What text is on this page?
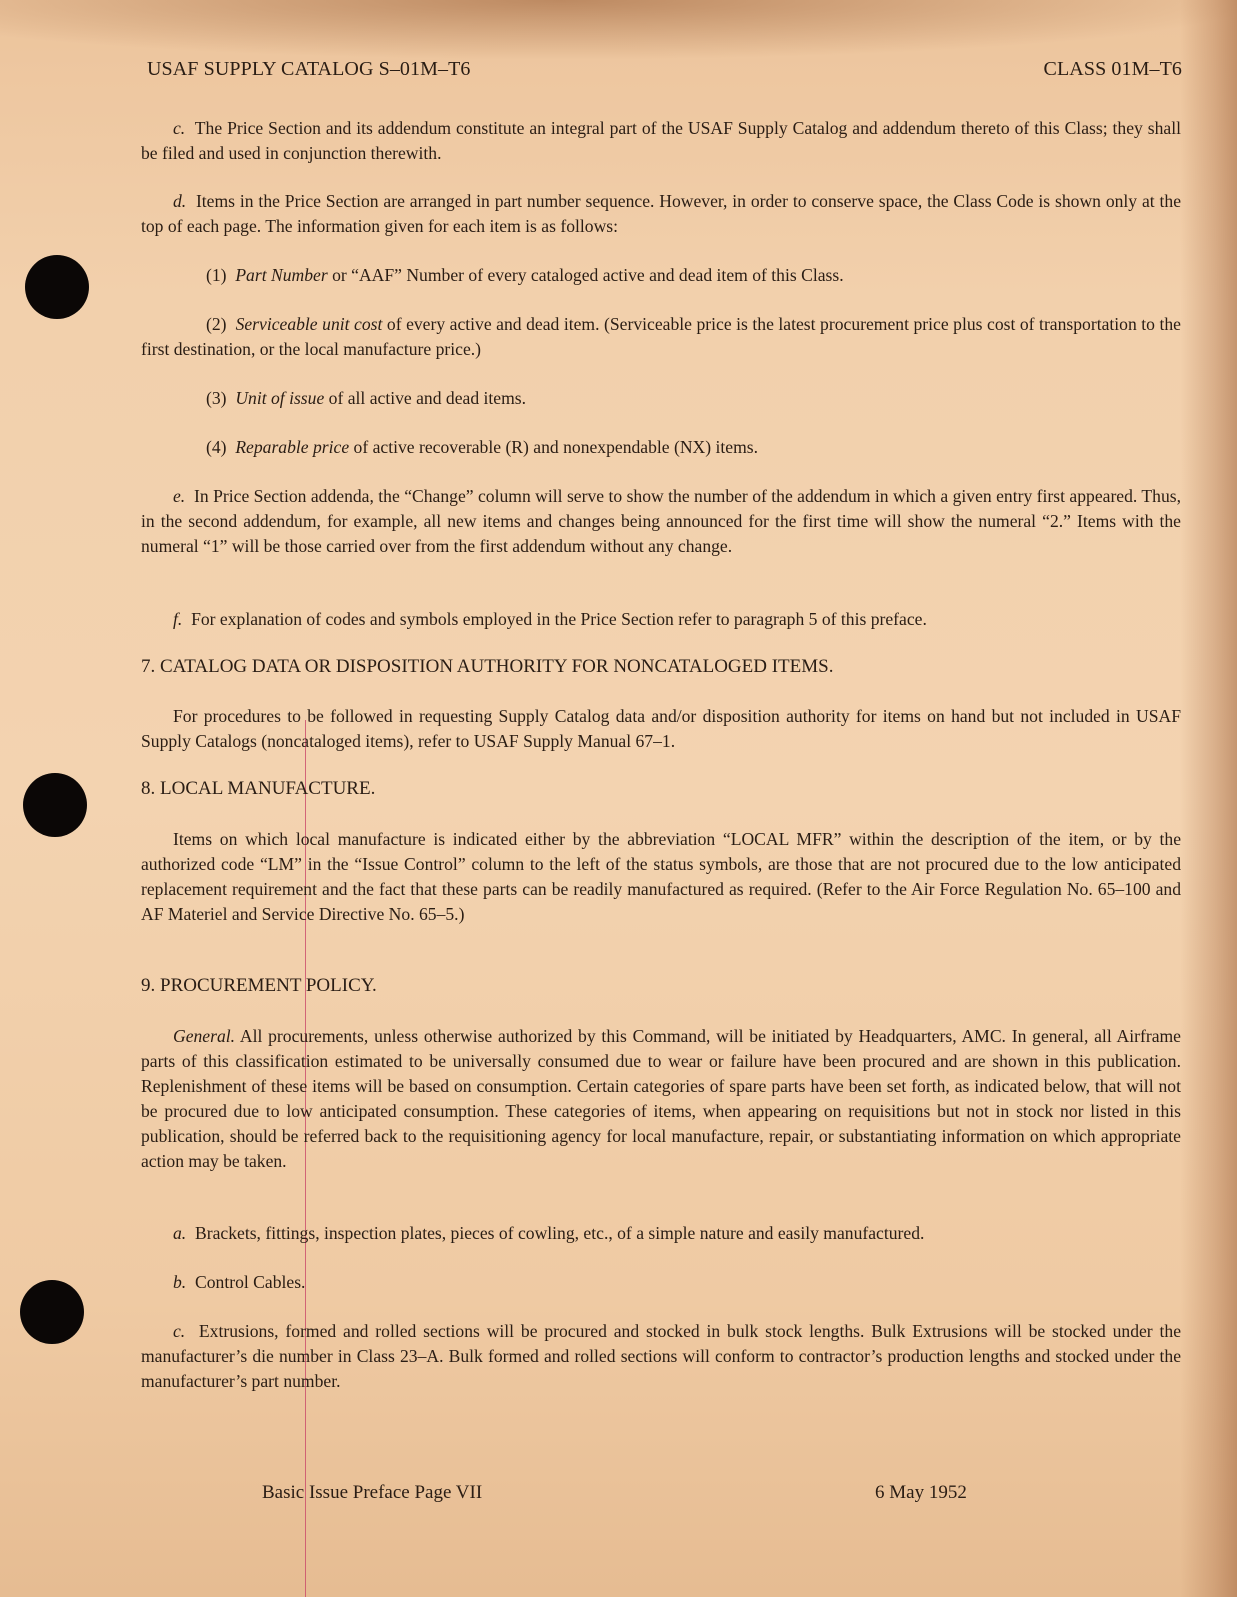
USAF SUPPLY CATALOG S–01M–T6	CLASS 01M–T6
c. The Price Section and its addendum constitute an integral part of the USAF Supply Catalog and addendum thereto of this Class; they shall be filed and used in conjunction therewith.
d. Items in the Price Section are arranged in part number sequence. However, in order to conserve space, the Class Code is shown only at the top of each page. The information given for each item is as follows:
(1) Part Number or “AAF” Number of every cataloged active and dead item of this Class.
(2) Serviceable unit cost of every active and dead item. (Serviceable price is the latest procurement price plus cost of transportation to the first destination, or the local manufacture price.)
(3) Unit of issue of all active and dead items.
(4) Reparable price of active recoverable (R) and nonexpendable (NX) items.
e. In Price Section addenda, the “Change” column will serve to show the number of the addendum in which a given entry first appeared. Thus, in the second addendum, for example, all new items and changes being announced for the first time will show the numeral “2.” Items with the numeral “1” will be those carried over from the first addendum without any change.
f. For explanation of codes and symbols employed in the Price Section refer to paragraph 5 of this preface.
7. CATALOG DATA OR DISPOSITION AUTHORITY FOR NONCATALOGED ITEMS.
For procedures to be followed in requesting Supply Catalog data and/or disposition authority for items on hand but not included in USAF Supply Catalogs (noncataloged items), refer to USAF Supply Manual 67–1.
8. LOCAL MANUFACTURE.
Items on which local manufacture is indicated either by the abbreviation “LOCAL MFR” within the description of the item, or by the authorized code “LM” in the “Issue Control” column to the left of the status symbols, are those that are not procured due to the low anticipated replacement requirement and the fact that these parts can be readily manufactured as required. (Refer to the Air Force Regulation No. 65–100 and AF Materiel and Service Directive No. 65–5.)
9. PROCUREMENT POLICY.
General. All procurements, unless otherwise authorized by this Command, will be initiated by Headquarters, AMC. In general, all Airframe parts of this classification estimated to be universally consumed due to wear or failure have been procured and are shown in this publication. Replenishment of these items will be based on consumption. Certain categories of spare parts have been set forth, as indicated below, that will not be procured due to low anticipated consumption. These categories of items, when appearing on requisitions but not in stock nor listed in this publication, should be referred back to the requisitioning agency for local manufacture, repair, or substantiating information on which appropriate action may be taken.
a. Brackets, fittings, inspection plates, pieces of cowling, etc., of a simple nature and easily manufactured.
b. Control Cables.
c. Extrusions, formed and rolled sections will be procured and stocked in bulk stock lengths. Bulk Extrusions will be stocked under the manufacturer’s die number in Class 23–A. Bulk formed and rolled sections will conform to contractor’s production lengths and stocked under the manufacturer’s part number.
Basic Issue Preface Page VII	6 May 1952
